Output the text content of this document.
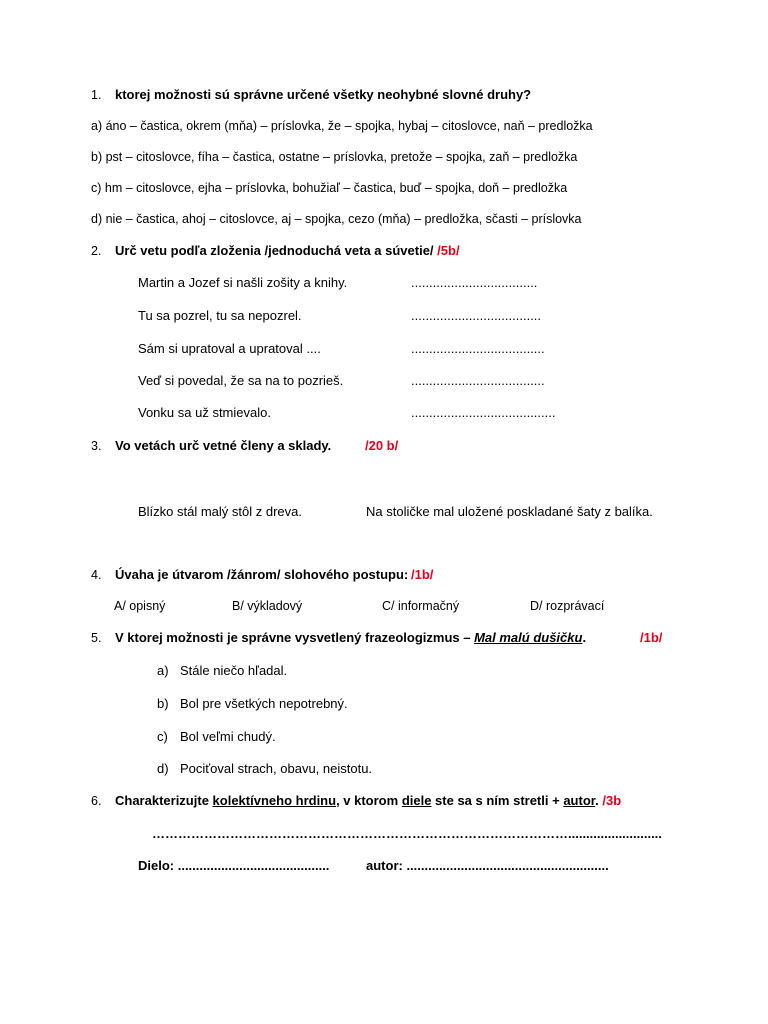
1. ktorej možnosti sú správne určené všetky neohybné slovné druhy?
a) áno – častica, okrem (mňa) – príslovka, že – spojka, hybaj – citoslovce, naň – predložka
b) pst – citoslovce, fíha – častica, ostatne – príslovka, pretože – spojka, zaň – predložka
c) hm – citoslovce, ejha – príslovka, bohužiaľ – častica, buď – spojka, doň – predložka
d) nie – častica, ahoj – citoslovce, aj – spojka, cezo (mňa) – predložka, sčasti – príslovka
2. Urč vetu podľa zloženia /jednoduchá veta a súvetie/ /5b/
Martin a Jozef si našli zošity a knihy.	...................................
Tu sa pozrel, tu sa nepozrel.	....................................
Sám si upratoval a upratoval ....	.....................................
Veď si povedal, že sa na to pozrieš.	.....................................
Vonku sa už stmievalo.	........................................
3. Vo vetách urč vetné členy a sklady.	/20 b/
Blízko stál malý stôl z dreva.	Na stoličke mal uložené poskladané šaty z balíka.
4. Úvaha je útvarom /žánrom/ slohového postupu: /1b/
A/ opisný	B/ výkladový	C/ informačný	D/ rozprávací
5. V ktorej možnosti je správne vysvetlený frazeologizmus – Mal malú dušičku.	/1b/
a) Stále niečo hľadal.
b) Bol pre všetkých nepotrebný.
c) Bol veľmi chudý.
d) Pociťoval strach, obavu, neistotu.
6. Charakterizujte kolektívneho hrdinu, v ktorom diele ste sa s ním stretli + autor. /3b
……………………………………………………………………………………..........................
Dielo: ..........................................	autor: ........................................................
